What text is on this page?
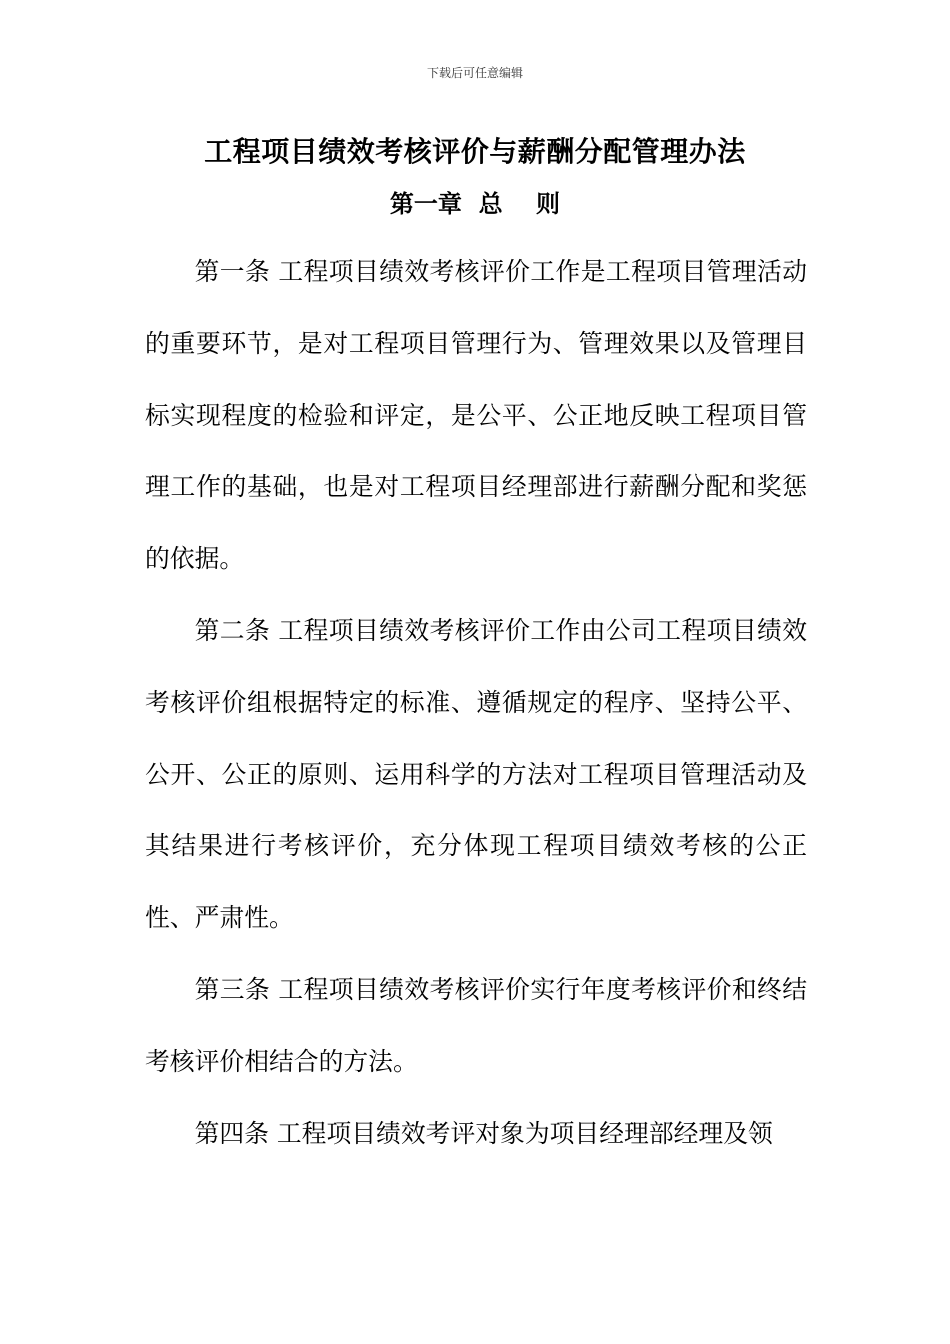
下载后可任意编辑
工程项目绩效考核评价与薪酬分配管理办法
第一章  总    则

第一条 工程项目绩效考核评价工作是工程项目管理活动的重要环节，是对工程项目管理行为、管理效果以及管理目标实现程度的检验和评定，是公平、公正地反映工程项目管理工作的基础，也是对工程项目经理部进行薪酬分配和奖惩的依据。

第二条 工程项目绩效考核评价工作由公司工程项目绩效考核评价组根据特定的标准、遵循规定的程序、坚持公平、公开、公正的原则、运用科学的方法对工程项目管理活动及其结果进行考核评价，充分体现工程项目绩效考核的公正性、严肃性。

第三条 工程项目绩效考核评价实行年度考核评价和终结考核评价相结合的方法。

第四条 工程项目绩效考评对象为项目经理部经理及领
